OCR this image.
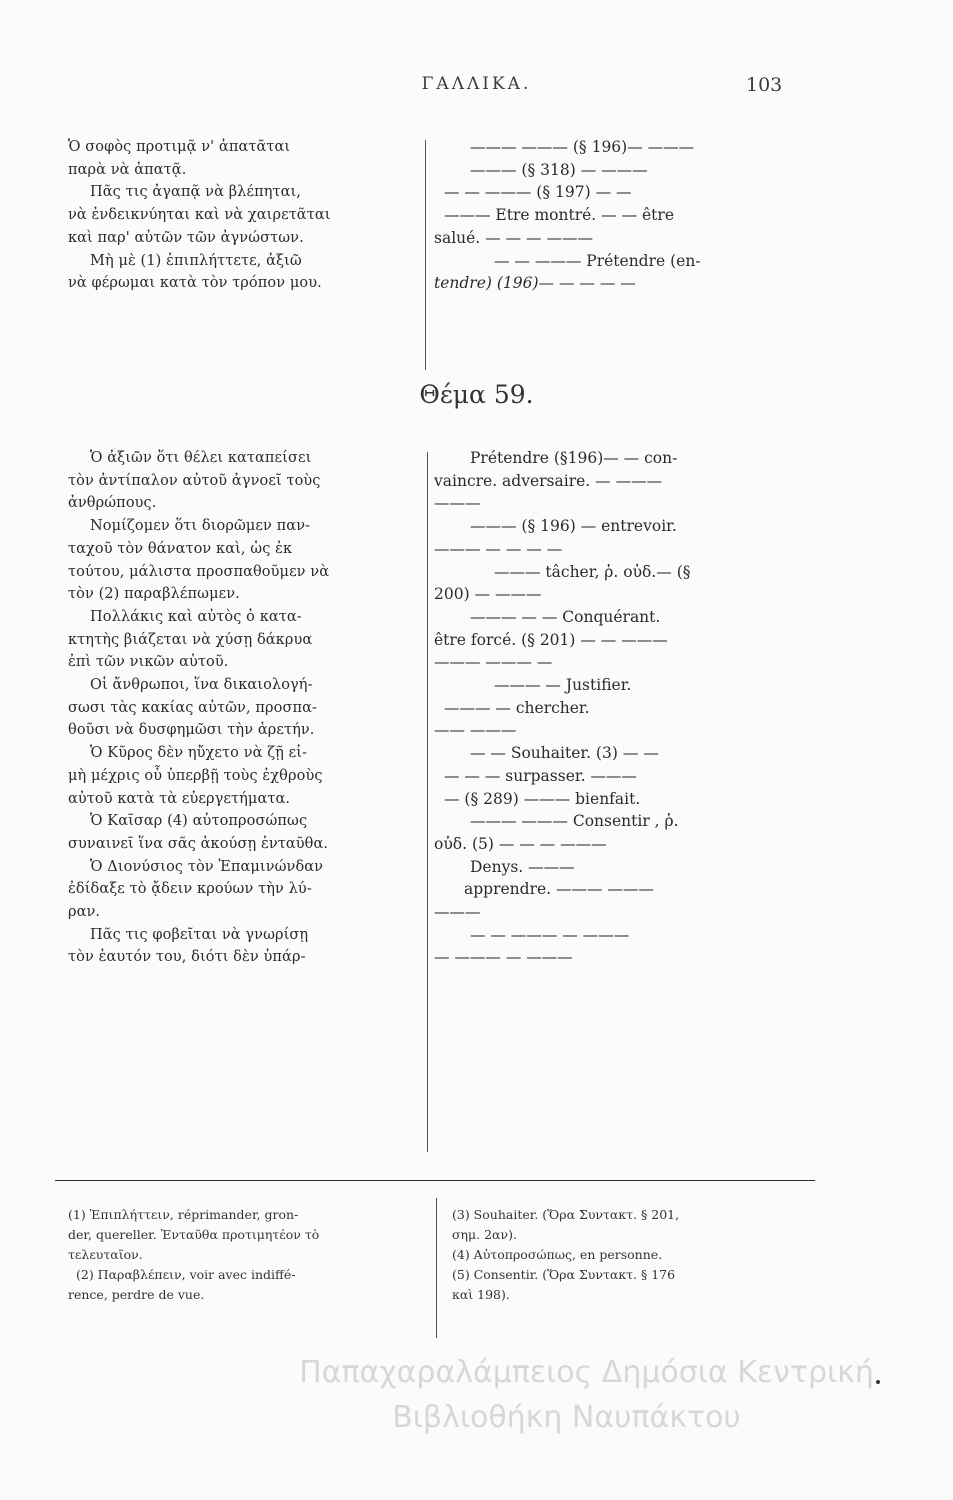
ΓΑΛΛΙΚΑ.	103
Ὁ σοφὸς προτιμᾷ ν' ἀπατᾶται
παρὰ νὰ ἀπατᾷ.
Πᾶς τις ἀγαπᾷ νὰ βλέπηται,
νὰ ἐνδεικνύηται καὶ νὰ χαιρετᾶται
καὶ παρ' αὐτῶν τῶν ἀγνώστων.
Μὴ μὲ (1) ἐπιπλήττετε, ἀξιῶ
νὰ φέρωμαι κατὰ τὸν τρόπον μου.
——— ——— (§ 196)— ———
——— (§ 318) — ———
— — ——— (§ 197) — —
——— Etre montré. — — être
salué. — — — ———
— — ——— Prétendre (en-
tendre) (196)— — — — —
Θέμα 59.
Ὁ ἀξιῶν ὅτι θέλει καταπείσει
τὸν ἀντίπαλον αὐτοῦ ἀγνοεῖ τοὺς
ἀνθρώπους.
Νομίζομεν ὅτι διορῶμεν παν-
ταχοῦ τὸν θάνατον καὶ, ὡς ἐκ
τούτου, μάλιστα προσπαθοῦμεν νὰ
τὸν (2) παραβλέπωμεν.
Πολλάκις καὶ αὐτὸς ὁ κατα-
κτητὴς βιάζεται νὰ χύσῃ δάκρυα
ἐπὶ τῶν νικῶν αὑτοῦ.
Οἱ ἄνθρωποι, ἵνα δικαιολογή-
σωσι τὰς κακίας αὐτῶν, προσπα-
θοῦσι νὰ δυσφημῶσι τὴν ἀρετήν.
Ὁ Κῦρος δὲν ηὔχετο νὰ ζῇ εἰ-
μὴ μέχρις οὗ ὑπερβῇ τοὺς ἐχθροὺς
αὐτοῦ κατὰ τὰ εὐεργετήματα.
Ὁ Καῖσαρ (4) αὐτοπροσώπως
συναινεῖ ἵνα σᾶς ἀκούσῃ ἐνταῦθα.
Ὁ Διονύσιος τὸν Ἐπαμινώνδαν
ἐδίδαξε τὸ ᾄδειν κρούων τὴν λύ-
ραν.
Πᾶς τις φοβεῖται νὰ γνωρίσῃ
τὸν ἑαυτόν του, διότι δὲν ὑπάρ-
Prétendre (§196)— — con-
vaincre. adversaire. — ———
———
——— (§ 196) — entrevoir.
——— — — — —
——— tâcher, ῥ. οὐδ.— (§
200) — ———
——— — — Conquérant.
être forcé. (§ 201) — — ———
——— ——— —
——— — Justifier.
——— — chercher.
—— ———
— — Souhaiter. (3) — —
— — — surpasser. ———
— (§ 289) ——— bienfait.
——— ——— Consentir , ῥ.
οὐδ. (5) — — — ———
Denys. ———
apprendre. ——— ———
———
— — ——— — ———
— ——— — ———
(1) Ἐπιπλήττειν, réprimander, gron-
der, quereller. Ἐνταῦθα προτιμητέον τὸ
τελευταῖον.
(2) Παραβλέπειν, voir avec indiffé-
rence, perdre de vue.
(3) Souhaiter. (Ὅρα Συντακτ. § 201,
σημ. 2αν).
(4) Αὐτοπροσώπως, en personne.
(5) Consentir. (Ὅρα Συντακτ. § 176
καὶ 198).
Παπαχαραλάμπειος Δημόσια Κεντρική
Βιβλιοθήκη Ναυπάκτου
